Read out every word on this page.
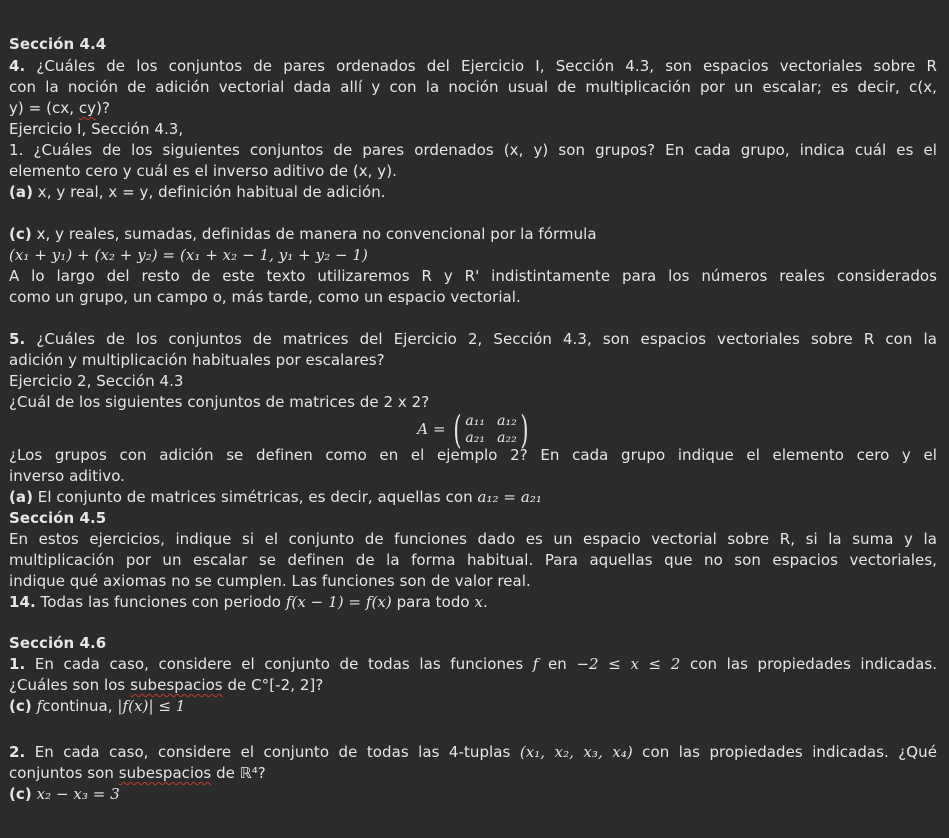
Sección 4.4
4. ¿Cuáles de los conjuntos de pares ordenados del Ejercicio I, Sección 4.3, son espacios vectoriales sobre R
con la noción de adición vectorial dada allí y con la noción usual de multiplicación por un escalar; es decir, c(x,
y) = (cx, cy)?
Ejercicio I, Sección 4.3,
1. ¿Cuáles de los siguientes conjuntos de pares ordenados (x, y) son grupos? En cada grupo, indica cuál es el
elemento cero y cuál es el inverso aditivo de (x, y).
(a) x, y real, x = y, definición habitual de adición.
(c) x, y reales, sumadas, definidas de manera no convencional por la fórmula
(x₁ + y₁) + (x₂ + y₂) = (x₁ + x₂ − 1, y₁ + y₂ − 1)
A lo largo del resto de este texto utilizaremos R y R' indistintamente para los números reales considerados
como un grupo, un campo o, más tarde, como un espacio vectorial.
5. ¿Cuáles de los conjuntos de matrices del Ejercicio 2, Sección 4.3, son espacios vectoriales sobre R con la
adición y multiplicación habituales por escalares?
Ejercicio 2, Sección 4.3
¿Cuál de los siguientes conjuntos de matrices de 2 x 2?
A = ( a₁₁ a₁₂
a₂₁ a₂₂ )
¿Los grupos con adición se definen como en el ejemplo 2? En cada grupo indique el elemento cero y el
inverso aditivo.
(a) El conjunto de matrices simétricas, es decir, aquellas con a₁₂ = a₂₁
Sección 4.5
En estos ejercicios, indique si el conjunto de funciones dado es un espacio vectorial sobre R, si la suma y la
multiplicación por un escalar se definen de la forma habitual. Para aquellas que no son espacios vectoriales,
indique qué axiomas no se cumplen. Las funciones son de valor real.
14. Todas las funciones con periodo f(x − 1) = f(x) para todo x.
Sección 4.6
1. En cada caso, considere el conjunto de todas las funciones f en −2 ≤ x ≤ 2 con las propiedades indicadas.
¿Cuáles son los subespacios de C°[-2, 2]?
(c) fcontinua, |f(x)| ≤ 1
2. En cada caso, considere el conjunto de todas las 4-tuplas (x₁, x₂, x₃, x₄) con las propiedades indicadas. ¿Qué
conjuntos son subespacios de ℝ⁴?
(c) x₂ − x₃ = 3
